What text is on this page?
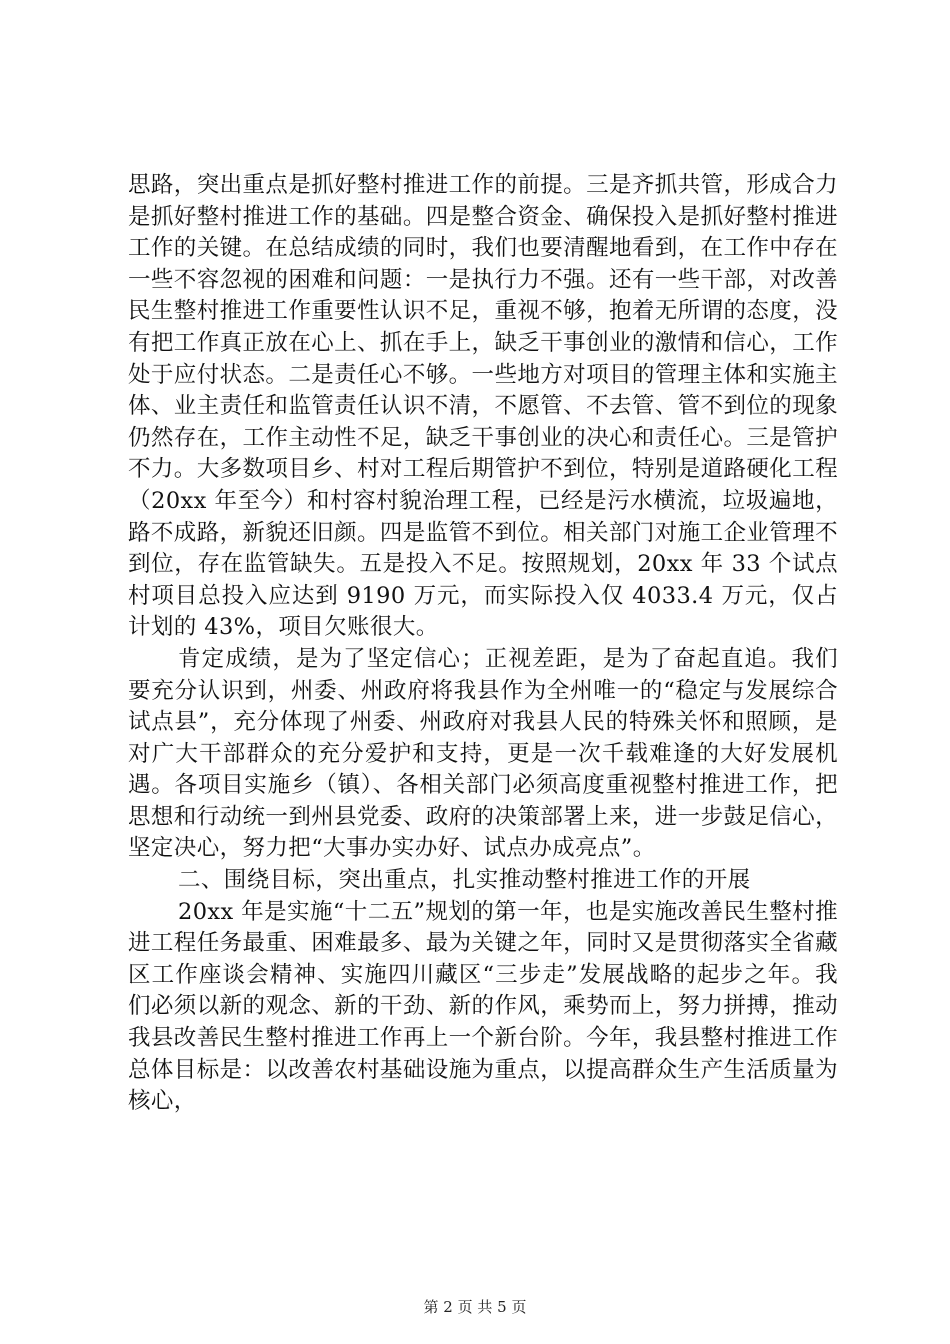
思路，突出重点是抓好整村推进工作的前提。三是齐抓共管，形成合力是抓好整村推进工作的基础。四是整合资金、确保投入是抓好整村推进工作的关键。在总结成绩的同时，我们也要清醒地看到，在工作中存在一些不容忽视的困难和问题：一是执行力不强。还有一些干部，对改善民生整村推进工作重要性认识不足，重视不够，抱着无所谓的态度，没有把工作真正放在心上、抓在手上，缺乏干事创业的激情和信心，工作处于应付状态。二是责任心不够。一些地方对项目的管理主体和实施主体、业主责任和监管责任认识不清，不愿管、不去管、管不到位的现象仍然存在，工作主动性不足，缺乏干事创业的决心和责任心。三是管护不力。大多数项目乡、村对工程后期管护不到位，特别是道路硬化工程（20xx 年至今）和村容村貌治理工程，已经是污水横流，垃圾遍地，路不成路，新貌还旧颜。四是监管不到位。相关部门对施工企业管理不到位，存在监管缺失。五是投入不足。按照规划，20xx 年 33 个试点村项目总投入应达到 9190 万元，而实际投入仅 4033.4 万元，仅占计划的 43%，项目欠账很大。

肯定成绩，是为了坚定信心；正视差距，是为了奋起直追。我们要充分认识到，州委、州政府将我县作为全州唯一的“稳定与发展综合试点县”，充分体现了州委、州政府对我县人民的特殊关怀和照顾，是对广大干部群众的充分爱护和支持，更是一次千载难逢的大好发展机遇。各项目实施乡（镇）、各相关部门必须高度重视整村推进工作，把思想和行动统一到州县党委、政府的决策部署上来，进一步鼓足信心，坚定决心，努力把“大事办实办好、试点办成亮点”。

二、围绕目标，突出重点，扎实推动整村推进工作的开展

20xx 年是实施“十二五”规划的第一年，也是实施改善民生整村推进工程任务最重、困难最多、最为关键之年，同时又是贯彻落实全省藏区工作座谈会精神、实施四川藏区“三步走”发展战略的起步之年。我们必须以新的观念、新的干劲、新的作风，乘势而上，努力拼搏，推动我县改善民生整村推进工作再上一个新台阶。今年，我县整村推进工作总体目标是：以改善农村基础设施为重点，以提高群众生产生活质量为核心，

第 2 页 共 5 页
